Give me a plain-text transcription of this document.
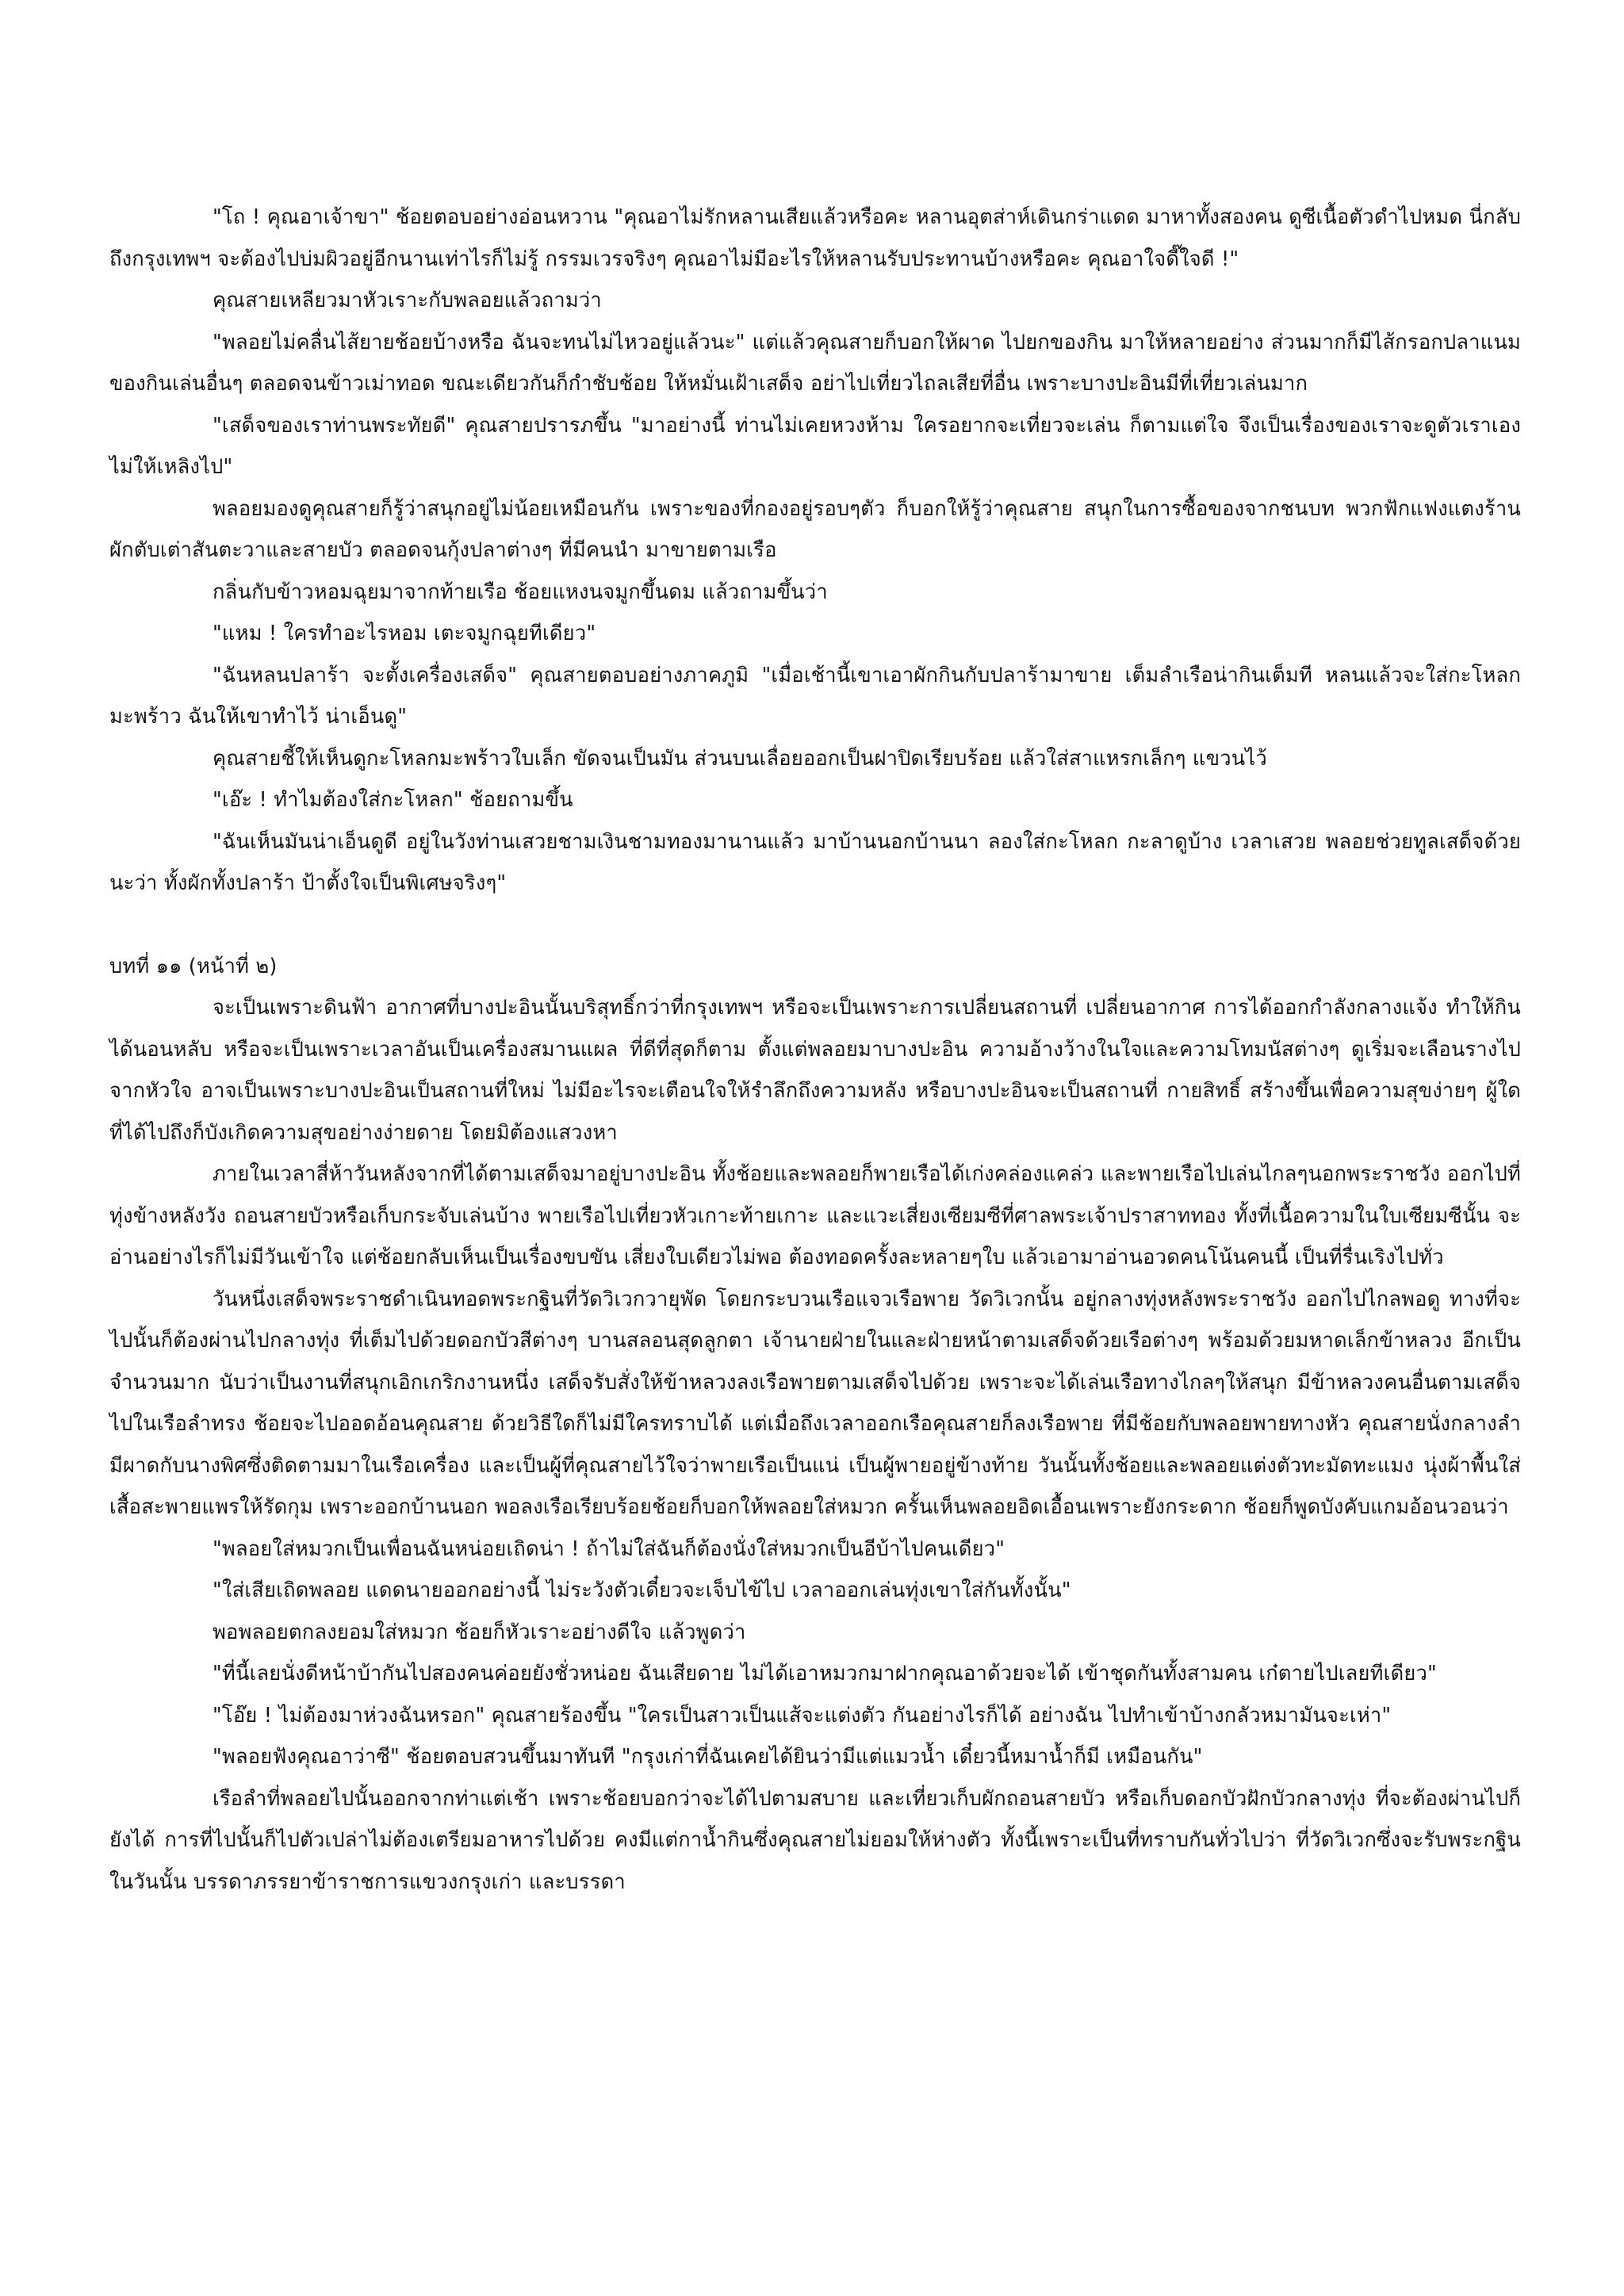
"โถ ! คุณอาเจ้าขา" ช้อยตอบอย่างอ่อนหวาน "คุณอาไม่รักหลานเสียแล้วหรือคะ หลานอุตส่าห์เดินกร่าแดด มาหาทั้งสองคน ดูซีเนื้อตัวดำไปหมด นี่กลับถึงกรุงเทพฯ จะต้องไปบ่มผิวอยู่อีกนานเท่าไรก็ไม่รู้ กรรมเวรจริงๆ คุณอาไม่มีอะไรให้หลานรับประทานบ้างหรือคะ คุณอาใจดี๊ใจดี !"

คุณสายเหลียวมาหัวเราะกับพลอยแล้วถามว่า

"พลอยไม่คลื่นไส้ยายช้อยบ้างหรือ ฉันจะทนไม่ไหวอยู่แล้วนะ" แต่แล้วคุณสายก็บอกให้ผาด ไปยกของกิน มาให้หลายอย่าง ส่วนมากก็มีไส้กรอกปลาแนม ของกินเล่นอื่นๆ ตลอดจนข้าวเม่าทอด ขณะเดียวกันก็กำชับช้อย ให้หมั่นเฝ้าเสด็จ อย่าไปเที่ยวไถลเสียที่อื่น เพราะบางปะอินมีที่เที่ยวเล่นมาก

"เสด็จของเราท่านพระทัยดี" คุณสายปรารภขึ้น "มาอย่างนี้ ท่านไม่เคยหวงห้าม ใครอยากจะเที่ยวจะเล่น ก็ตามแต่ใจ จึงเป็นเรื่องของเราจะดูตัวเราเอง ไม่ให้เหลิงไป"

พลอยมองดูคุณสายก็รู้ว่าสนุกอยู่ไม่น้อยเหมือนกัน เพราะของที่กองอยู่รอบๆตัว ก็บอกให้รู้ว่าคุณสาย สนุกในการซื้อของจากชนบท พวกฟักแฟงแตงร้าน ผักตับเต่าสันตะวาและสายบัว ตลอดจนกุ้งปลาต่างๆ ที่มีคนนำ มาขายตามเรือ

กลิ่นกับข้าวหอมฉุยมาจากท้ายเรือ ช้อยแหงนจมูกขึ้นดม แล้วถามขึ้นว่า

"แหม ! ใครทำอะไรหอม เตะจมูกฉุยทีเดียว"

"ฉันหลนปลาร้า จะตั้งเครื่องเสด็จ" คุณสายตอบอย่างภาคภูมิ "เมื่อเช้านี้เขาเอาผักกินกับปลาร้ามาขาย เต็มลำเรือน่ากินเต็มที หลนแล้วจะใส่กะโหลกมะพร้าว ฉันให้เขาทำไว้ น่าเอ็นดู"

คุณสายชี้ให้เห็นดูกะโหลกมะพร้าวใบเล็ก ขัดจนเป็นมัน ส่วนบนเลื่อยออกเป็นฝาปิดเรียบร้อย แล้วใส่สาแหรกเล็กๆ แขวนไว้

"เอ๊ะ ! ทำไมต้องใส่กะโหลก" ช้อยถามขึ้น

"ฉันเห็นมันน่าเอ็นดูดี อยู่ในวังท่านเสวยชามเงินชามทองมานานแล้ว มาบ้านนอกบ้านนา ลองใส่กะโหลก กะลาดูบ้าง เวลาเสวย พลอยช่วยทูลเสด็จด้วยนะว่า ทั้งผักทั้งปลาร้า ป้าตั้งใจเป็นพิเศษจริงๆ"

บทที่ ๑๑ (หน้าที่ ๒)

จะเป็นเพราะดินฟ้า อากาศที่บางปะอินนั้นบริสุทธิ์กว่าที่กรุงเทพฯ หรือจะเป็นเพราะการเปลี่ยนสถานที่ เปลี่ยนอากาศ การได้ออกกำลังกลางแจ้ง ทำให้กินได้นอนหลับ หรือจะเป็นเพราะเวลาอันเป็นเครื่องสมานแผล ที่ดีที่สุดก็ตาม ตั้งแต่พลอยมาบางปะอิน ความอ้างว้างในใจและความโทมนัสต่างๆ ดูเริ่มจะเลือนรางไปจากหัวใจ อาจเป็นเพราะบางปะอินเป็นสถานที่ใหม่ ไม่มีอะไรจะเตือนใจให้รำลึกถึงความหลัง หรือบางปะอินจะเป็นสถานที่ กายสิทธิ์ สร้างขึ้นเพื่อความสุขง่ายๆ ผู้ใดที่ได้ไปถึงก็บังเกิดความสุขอย่างง่ายดาย โดยมิต้องแสวงหา

ภายในเวลาสี่ห้าวันหลังจากที่ได้ตามเสด็จมาอยู่บางปะอิน ทั้งช้อยและพลอยก็พายเรือได้เก่งคล่องแคล่ว และพายเรือไปเล่นไกลๆนอกพระราชวัง ออกไปที่ทุ่งข้างหลังวัง ถอนสายบัวหรือเก็บกระจับเล่นบ้าง พายเรือไปเที่ยวหัวเกาะท้ายเกาะ และแวะเสี่ยงเซียมซีที่ศาลพระเจ้าปราสาททอง ทั้งที่เนื้อความในใบเซียมซีนั้น จะอ่านอย่างไรก็ไม่มีวันเข้าใจ แต่ช้อยกลับเห็นเป็นเรื่องขบขัน เสี่ยงใบเดียวไม่พอ ต้องทอดครั้งละหลายๆใบ แล้วเอามาอ่านอวดคนโน้นคนนี้ เป็นที่รื่นเริงไปทั่ว

วันหนึ่งเสด็จพระราชดำเนินทอดพระกฐินที่วัดวิเวกวายุพัด โดยกระบวนเรือแจวเรือพาย วัดวิเวกนั้น อยู่กลางทุ่งหลังพระราชวัง ออกไปไกลพอดู ทางที่จะไปนั้นก็ต้องผ่านไปกลางทุ่ง ที่เต็มไปด้วยดอกบัวสีต่างๆ บานสลอนสุดลูกตา เจ้านายฝ่ายในและฝ่ายหน้าตามเสด็จด้วยเรือต่างๆ พร้อมด้วยมหาดเล็กข้าหลวง อีกเป็นจำนวนมาก นับว่าเป็นงานที่สนุกเอิกเกริกงานหนึ่ง เสด็จรับสั่งให้ข้าหลวงลงเรือพายตามเสด็จไปด้วย เพราะจะได้เล่นเรือทางไกลๆให้สนุก มีข้าหลวงคนอื่นตามเสด็จไปในเรือลำทรง ช้อยจะไปออดอ้อนคุณสาย ด้วยวิธีใดก็ไม่มีใครทราบได้ แต่เมื่อถึงเวลาออกเรือคุณสายก็ลงเรือพาย ที่มีช้อยกับพลอยพายทางหัว คุณสายนั่งกลางลำ มีผาดกับนางพิศซึ่งติดตามมาในเรือเครื่อง และเป็นผู้ที่คุณสายไว้ใจว่าพายเรือเป็นแน่ เป็นผู้พายอยู่ข้างท้าย วันนั้นทั้งช้อยและพลอยแต่งตัวทะมัดทะแมง นุ่งผ้าพื้นใส่เสื้อสะพายแพรให้รัดกุม เพราะออกบ้านนอก พอลงเรือเรียบร้อยช้อยก็บอกให้พลอยใส่หมวก ครั้นเห็นพลอยอิดเอื้อนเพราะยังกระดาก ช้อยก็พูดบังคับแกมอ้อนวอนว่า

"พลอยใส่หมวกเป็นเพื่อนฉันหน่อยเถิดน่า ! ถ้าไม่ใส่ฉันก็ต้องนั่งใส่หมวกเป็นอีบ้าไปคนเดียว"

"ใส่เสียเถิดพลอย แดดนายออกอย่างนี้ ไม่ระวังตัวเดี๋ยวจะเจ็บไข้ไป เวลาออกเล่นทุ่งเขาใส่กันทั้งนั้น"

พอพลอยตกลงยอมใส่หมวก ช้อยก็หัวเราะอย่างดีใจ แล้วพูดว่า

"ที่นี้เลยนั่งดีหน้าบ้ากันไปสองคนค่อยยังชั่วหน่อย ฉันเสียดาย ไม่ได้เอาหมวกมาฝากคุณอาด้วยจะได้ เข้าชุดกันทั้งสามคน เก๋ตายไปเลยทีเดียว"

"โอ๊ย ! ไม่ต้องมาห่วงฉันหรอก" คุณสายร้องขึ้น "ใครเป็นสาวเป็นแส้จะแต่งตัว กันอย่างไรก็ได้ อย่างฉัน ไปทำเข้าบ้างกลัวหมามันจะเห่า"

"พลอยฟังคุณอาว่าซี" ช้อยตอบสวนขึ้นมาทันที "กรุงเก่าที่ฉันเคยได้ยินว่ามีแต่แมวน้ำ เดี๋ยวนี้หมาน้ำก็มี เหมือนกัน"

เรือลำที่พลอยไปนั้นออกจากท่าแต่เช้า เพราะช้อยบอกว่าจะได้ไปตามสบาย และเที่ยวเก็บผักถอนสายบัว หรือเก็บดอกบัวฝักบัวกลางทุ่ง ที่จะต้องผ่านไปก็ยังได้ การที่ไปนั้นก็ไปตัวเปล่าไม่ต้องเตรียมอาหารไปด้วย คงมีแต่กาน้ำกินซึ่งคุณสายไม่ยอมให้ห่างตัว ทั้งนี้เพราะเป็นที่ทราบกันทั่วไปว่า ที่วัดวิเวกซึ่งจะรับพระกฐิน ในวันนั้น บรรดาภรรยาข้าราชการแขวงกรุงเก่า และบรรดา
